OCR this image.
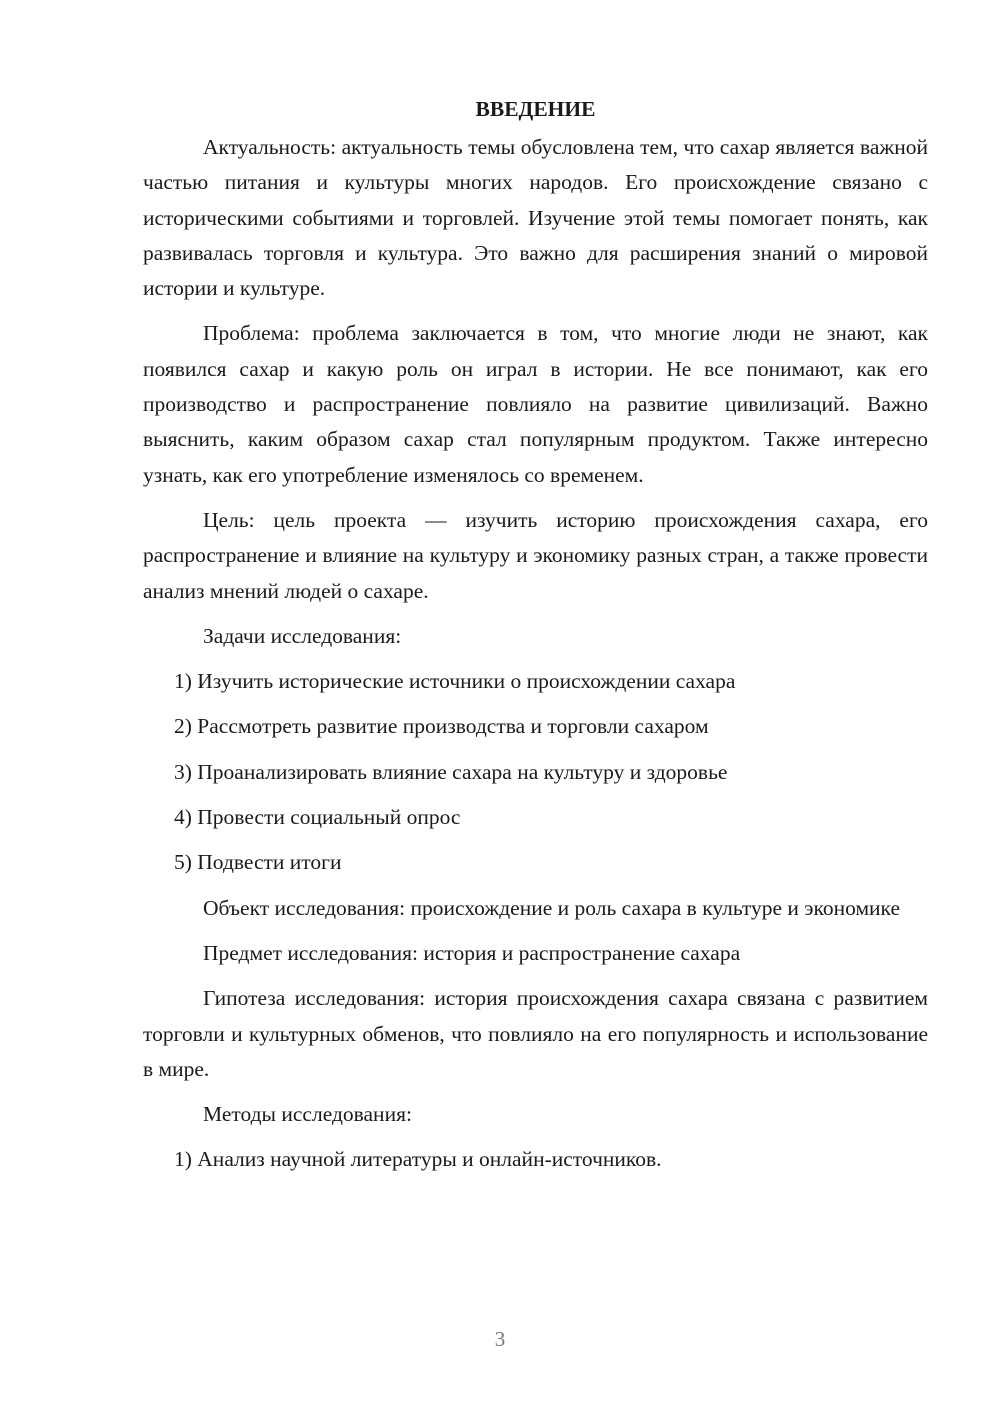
ВВЕДЕНИЕ

Актуальность: актуальность темы обусловлена тем, что сахар является важной частью питания и культуры многих народов. Его происхождение связано с историческими событиями и торговлей. Изучение этой темы помогает понять, как развивалась торговля и культура. Это важно для расширения знаний о мировой истории и культуре.

Проблема: проблема заключается в том, что многие люди не знают, как появился сахар и какую роль он играл в истории. Не все понимают, как его производство и распространение повлияло на развитие цивилизаций. Важно выяснить, каким образом сахар стал популярным продуктом. Также интересно узнать, как его употребление изменялось со временем.

Цель: цель проекта — изучить историю происхождения сахара, его распространение и влияние на культуру и экономику разных стран, а также провести анализ мнений людей о сахаре.

Задачи исследования:
1) Изучить исторические источники о происхождении сахара
2) Рассмотреть развитие производства и торговли сахаром
3) Проанализировать влияние сахара на культуру и здоровье
4) Провести социальный опрос
5) Подвести итоги

Объект исследования: происхождение и роль сахара в культуре и экономике

Предмет исследования: история и распространение сахара

Гипотеза исследования: история происхождения сахара связана с развитием торговли и культурных обменов, что повлияло на его популярность и использование в мире.

Методы исследования:
1) Анализ научной литературы и онлайн-источников.
3
